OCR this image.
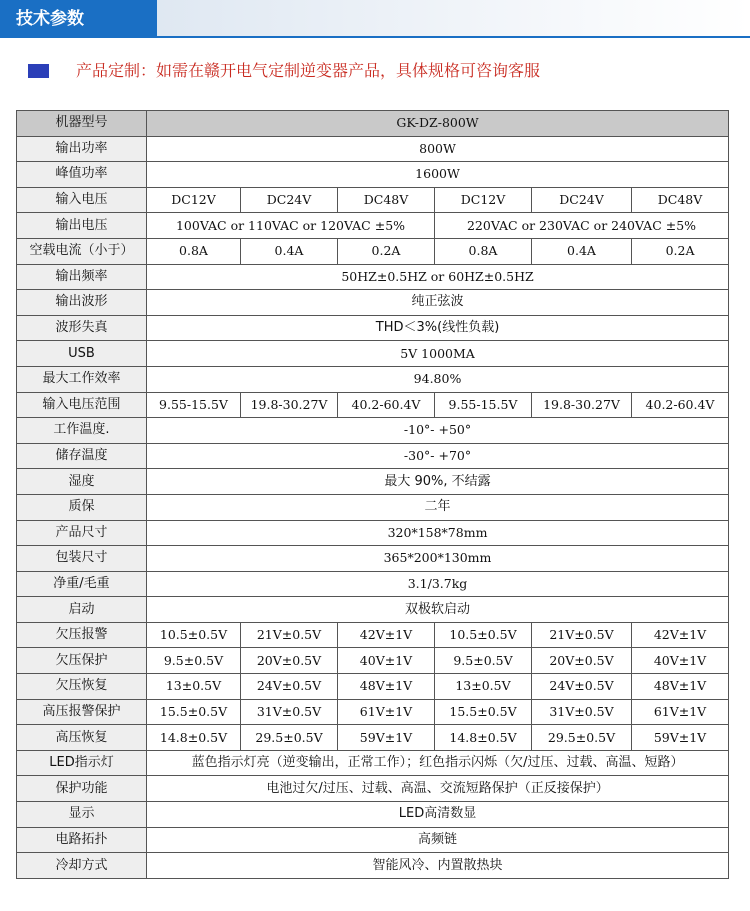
技术参数
产品定制：如需在赣开电气定制逆变器产品，具体规格可咨询客服
机器型号	GK-DZ-800W					
输出功率	800W					
峰值功率	1600W					
输入电压	DC12V	DC24V	DC48V	DC12V	DC24V	DC48V
输出电压	100VAC or 110VAC or 120VAC ±5%			220VAC or 230VAC or 240VAC ±5%		
空载电流（小于）	0.8A	0.4A	0.2A	0.8A	0.4A	0.2A
输出频率	50HZ±0.5HZ or 60HZ±0.5HZ					
输出波形	纯正弦波					
波形失真	THD＜3%(线性负载)					
USB	5V 1000MA					
最大工作效率	94.80%					
输入电压范围	9.55-15.5V	19.8-30.27V	40.2-60.4V	9.55-15.5V	19.8-30.27V	40.2-60.4V
工作温度.	-10°- +50°					
储存温度	-30°- +70°					
湿度	最大 90%, 不结露					
质保	二年					
产品尺寸	320*158*78mm					
包装尺寸	365*200*130mm					
净重/毛重	3.1/3.7kg					
启动	双极软启动					
欠压报警	10.5±0.5V	21V±0.5V	42V±1V	10.5±0.5V	21V±0.5V	42V±1V
欠压保护	9.5±0.5V	20V±0.5V	40V±1V	9.5±0.5V	20V±0.5V	40V±1V
欠压恢复	13±0.5V	24V±0.5V	48V±1V	13±0.5V	24V±0.5V	48V±1V
高压报警保护	15.5±0.5V	31V±0.5V	61V±1V	15.5±0.5V	31V±0.5V	61V±1V
高压恢复	14.8±0.5V	29.5±0.5V	59V±1V	14.8±0.5V	29.5±0.5V	59V±1V
LED指示灯	蓝色指示灯亮（逆变输出，正常工作）；红色指示闪烁（欠/过压、过载、高温、短路）					
保护功能	电池过欠/过压、过载、高温、交流短路保护（正反接保护）					
显示	LED高清数显					
电路拓扑	高频链					
冷却方式	智能风冷、内置散热块					
